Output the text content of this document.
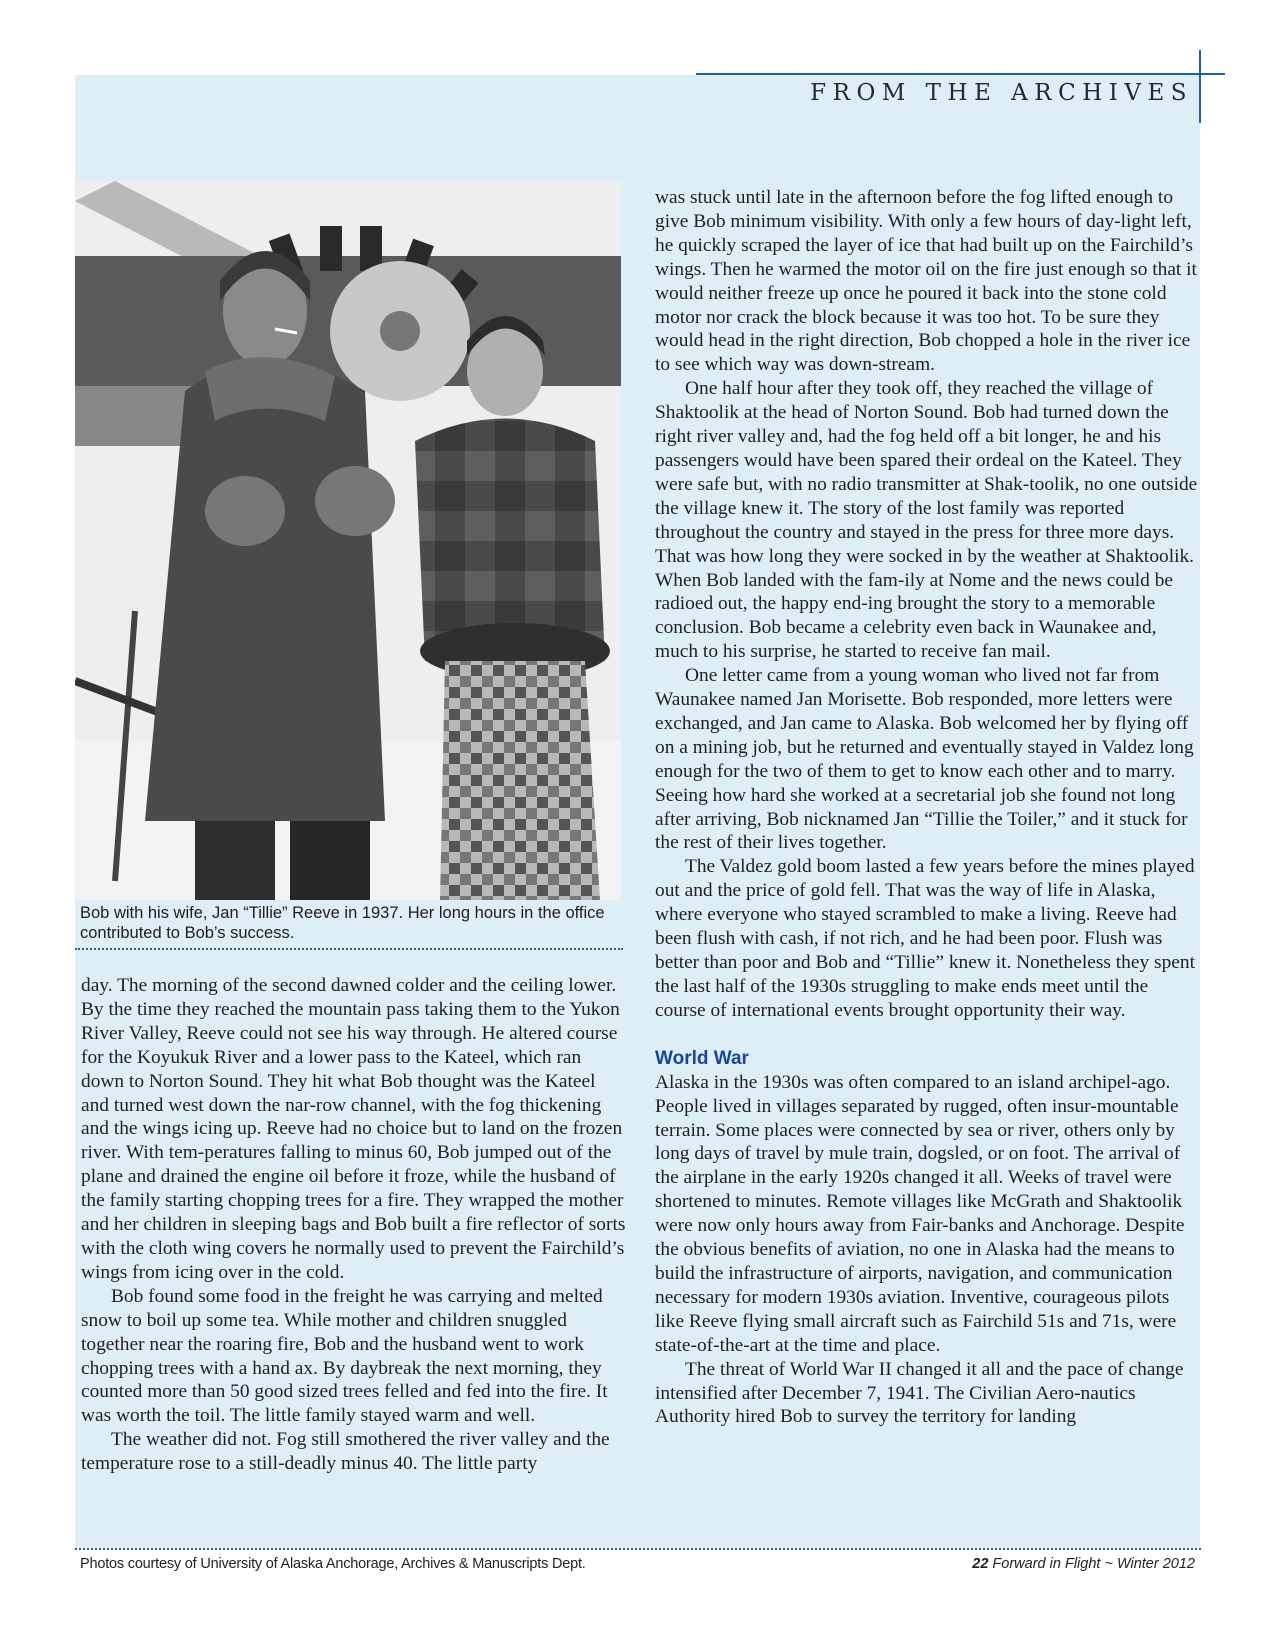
FROM THE ARCHIVES
Bob with his wife, Jan “Tillie” Reeve in 1937. Her long hours in the office contributed to Bob’s success.

day. The morning of the second dawned colder and the ceiling lower. By the time they reached the mountain pass taking them to the Yukon River Valley, Reeve could not see his way through. He altered course for the Koyukuk River and a lower pass to the Kateel, which ran down to Norton Sound. They hit what Bob thought was the Kateel and turned west down the nar-row channel, with the fog thickening and the wings icing up. Reeve had no choice but to land on the frozen river. With tem-peratures falling to minus 60, Bob jumped out of the plane and drained the engine oil before it froze, while the husband of the family starting chopping trees for a fire. They wrapped the mother and her children in sleeping bags and Bob built a fire reflector of sorts with the cloth wing covers he normally used to prevent the Fairchild’s wings from icing over in the cold.

Bob found some food in the freight he was carrying and melted snow to boil up some tea. While mother and children snuggled together near the roaring fire, Bob and the husband went to work chopping trees with a hand ax. By daybreak the next morning, they counted more than 50 good sized trees felled and fed into the fire. It was worth the toil. The little family stayed warm and well.

The weather did not. Fog still smothered the river valley and the temperature rose to a still-deadly minus 40. The little party

was stuck until late in the afternoon before the fog lifted enough to give Bob minimum visibility. With only a few hours of day-light left, he quickly scraped the layer of ice that had built up on the Fairchild’s wings. Then he warmed the motor oil on the fire just enough so that it would neither freeze up once he poured it back into the stone cold motor nor crack the block because it was too hot. To be sure they would head in the right direction, Bob chopped a hole in the river ice to see which way was down-stream.

One half hour after they took off, they reached the village of Shaktoolik at the head of Norton Sound. Bob had turned down the right river valley and, had the fog held off a bit longer, he and his passengers would have been spared their ordeal on the Kateel. They were safe but, with no radio transmitter at Shak-toolik, no one outside the village knew it. The story of the lost family was reported throughout the country and stayed in the press for three more days. That was how long they were socked in by the weather at Shaktoolik. When Bob landed with the fam-ily at Nome and the news could be radioed out, the happy end-ing brought the story to a memorable conclusion. Bob became a celebrity even back in Waunakee and, much to his surprise, he started to receive fan mail.

One letter came from a young woman who lived not far from Waunakee named Jan Morisette. Bob responded, more letters were exchanged, and Jan came to Alaska. Bob welcomed her by flying off on a mining job, but he returned and eventually stayed in Valdez long enough for the two of them to get to know each other and to marry. Seeing how hard she worked at a secretarial job she found not long after arriving, Bob nicknamed Jan “Tillie the Toiler,” and it stuck for the rest of their lives together.

The Valdez gold boom lasted a few years before the mines played out and the price of gold fell. That was the way of life in Alaska, where everyone who stayed scrambled to make a living. Reeve had been flush with cash, if not rich, and he had been poor. Flush was better than poor and Bob and “Tillie” knew it. Nonetheless they spent the last half of the 1930s struggling to make ends meet until the course of international events brought opportunity their way.

World War

Alaska in the 1930s was often compared to an island archipel-ago. People lived in villages separated by rugged, often insur-mountable terrain. Some places were connected by sea or river, others only by long days of travel by mule train, dogsled, or on foot. The arrival of the airplane in the early 1920s changed it all. Weeks of travel were shortened to minutes. Remote villages like McGrath and Shaktoolik were now only hours away from Fair-banks and Anchorage. Despite the obvious benefits of aviation, no one in Alaska had the means to build the infrastructure of airports, navigation, and communication necessary for modern 1930s aviation. Inventive, courageous pilots like Reeve flying small aircraft such as Fairchild 51s and 71s, were state-of-the-art at the time and place.

The threat of World War II changed it all and the pace of change intensified after December 7, 1941. The Civilian Aero-nautics Authority hired Bob to survey the territory for landing

Photos courtesy of University of Alaska Anchorage, Archives & Manuscripts Dept.	22 Forward in Flight ~ Winter 2012
